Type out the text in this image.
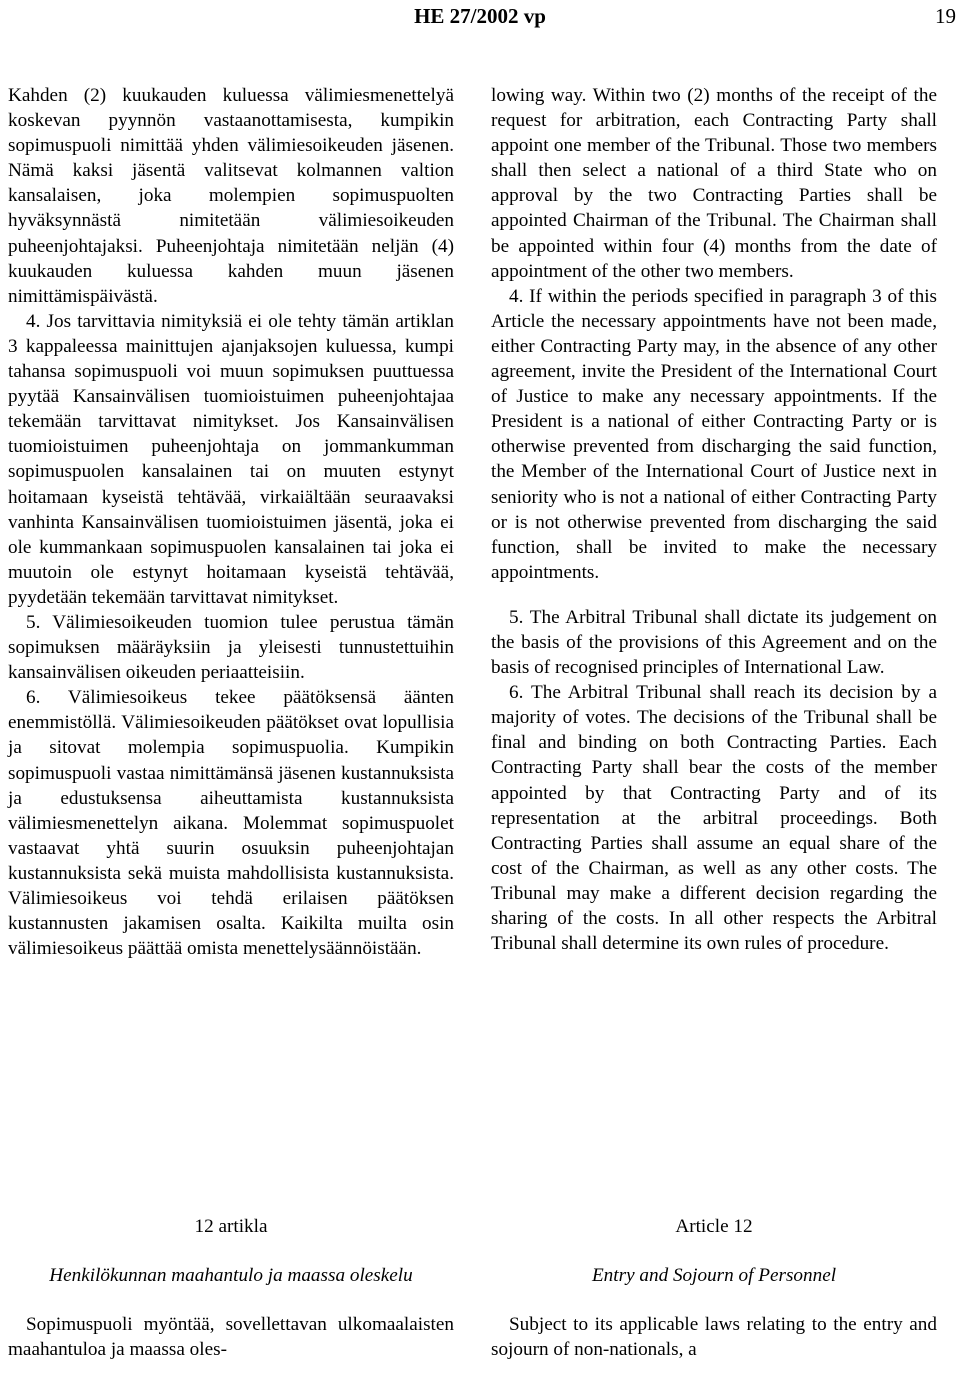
HE 27/2002 vp	19

Kahden (2) kuukauden kuluessa välimiesmenettelyä koskevan pyynnön vastaanottamisesta, kumpikin sopimuspuoli nimittää yhden välimiesoikeuden jäsenen. Nämä kaksi jäsentä valitsevat kolmannen valtion kansalaisen, joka molempien sopimuspuolten hyväksynnästä nimitetään välimiesoikeuden puheenjohtajaksi. Puheenjohtaja nimitetään neljän (4) kuukauden kuluessa kahden muun jäsenen nimittämispäivästä.

4. Jos tarvittavia nimityksiä ei ole tehty tämän artiklan 3 kappaleessa mainittujen ajanjaksojen kuluessa, kumpi tahansa sopimuspuoli voi muun sopimuksen puuttuessa pyytää Kansainvälisen tuomioistuimen puheenjohtajaa tekemään tarvittavat nimitykset. Jos Kansainvälisen tuomioistuimen puheenjohtaja on jommankumman sopimuspuolen kansalainen tai on muuten estynyt hoitamaan kyseistä tehtävää, virkaiältään seuraavaksi vanhinta Kansainvälisen tuomioistuimen jäsentä, joka ei ole kummankaan sopimuspuolen kansalainen tai joka ei muutoin ole estynyt hoitamaan kyseistä tehtävää, pyydetään tekemään tarvittavat nimitykset.

5. Välimiesoikeuden tuomion tulee perustua tämän sopimuksen määräyksiin ja yleisesti tunnustettuihin kansainvälisen oikeuden periaatteisiin.

6. Välimiesoikeus tekee päätöksensä äänten enemmistöllä. Välimiesoikeuden päätökset ovat lopullisia ja sitovat molempia sopimuspuolia. Kumpikin sopimuspuoli vastaa nimittämänsä jäsenen kustannuksista ja edustuksensa aiheuttamista kustannuksista välimiesmenettelyn aikana. Molemmat sopimuspuolet vastaavat yhtä suurin osuuksin puheenjohtajan kustannuksista sekä muista mahdollisista kustannuksista. Välimiesoikeus voi tehdä erilaisen päätöksen kustannusten jakamisen osalta. Kaikilta muilta osin välimiesoikeus päättää omista menettelysäännöistään.

lowing way. Within two (2) months of the receipt of the request for arbitration, each Contracting Party shall appoint one member of the Tribunal. Those two members shall then select a national of a third State who on approval by the two Contracting Parties shall be appointed Chairman of the Tribunal. The Chairman shall be appointed within four (4) months from the date of appointment of the other two members.

4. If within the periods specified in paragraph 3 of this Article the necessary appointments have not been made, either Contracting Party may, in the absence of any other agreement, invite the President of the International Court of Justice to make any necessary appointments. If the President is a national of either Contracting Party or is otherwise prevented from discharging the said function, the Member of the International Court of Justice next in seniority who is not a national of either Contracting Party or is not otherwise prevented from discharging the said function, shall be invited to make the necessary appointments.

5. The Arbitral Tribunal shall dictate its judgement on the basis of the provisions of this Agreement and on the basis of recognised principles of International Law.

6. The Arbitral Tribunal shall reach its decision by a majority of votes. The decisions of the Tribunal shall be final and binding on both Contracting Parties. Each Contracting Party shall bear the costs of the member appointed by that Contracting Party and of its representation at the arbitral proceedings. Both Contracting Parties shall assume an equal share of the cost of the Chairman, as well as any other costs. The Tribunal may make a different decision regarding the sharing of the costs. In all other respects the Arbitral Tribunal shall determine its own rules of procedure.

12 artikla
Henkilökunnan maahantulo ja maassa oleskelu

Sopimuspuoli myöntää, sovellettavan ulkomaalaisten maahantuloa ja maassa oles-

Article 12
Entry and Sojourn of Personnel

Subject to its applicable laws relating to the entry and sojourn of non-nationals, a
